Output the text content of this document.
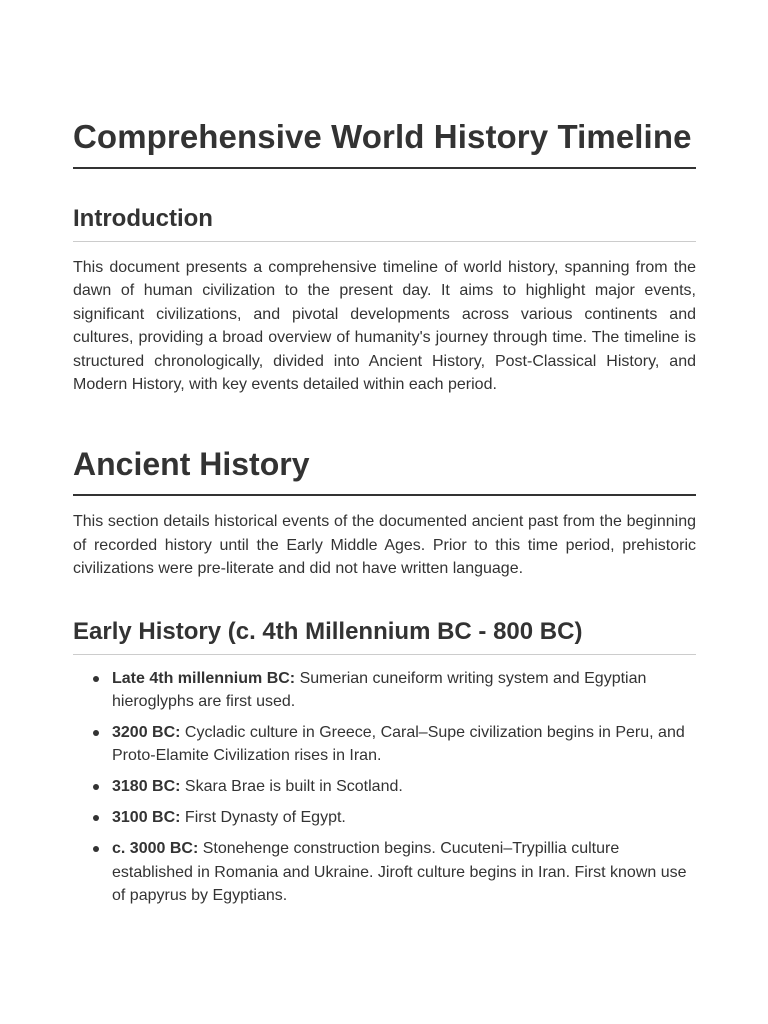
Comprehensive World History Timeline
Introduction

This document presents a comprehensive timeline of world history, spanning from the dawn of human civilization to the present day. It aims to highlight major events, significant civilizations, and pivotal developments across various continents and cultures, providing a broad overview of humanity's journey through time. The timeline is structured chronologically, divided into Ancient History, Post-Classical History, and Modern History, with key events detailed within each period.

Ancient History

This section details historical events of the documented ancient past from the beginning of recorded history until the Early Middle Ages. Prior to this time period, prehistoric civilizations were pre-literate and did not have written language.

Early History (c. 4th Millennium BC - 800 BC)
Late 4th millennium BC: Sumerian cuneiform writing system and Egyptian hieroglyphs are first used.
3200 BC: Cycladic culture in Greece, Caral–Supe civilization begins in Peru, and Proto-Elamite Civilization rises in Iran.
3180 BC: Skara Brae is built in Scotland.
3100 BC: First Dynasty of Egypt.
c. 3000 BC: Stonehenge construction begins. Cucuteni–Trypillia culture established in Romania and Ukraine. Jiroft culture begins in Iran. First known use of papyrus by Egyptians.
